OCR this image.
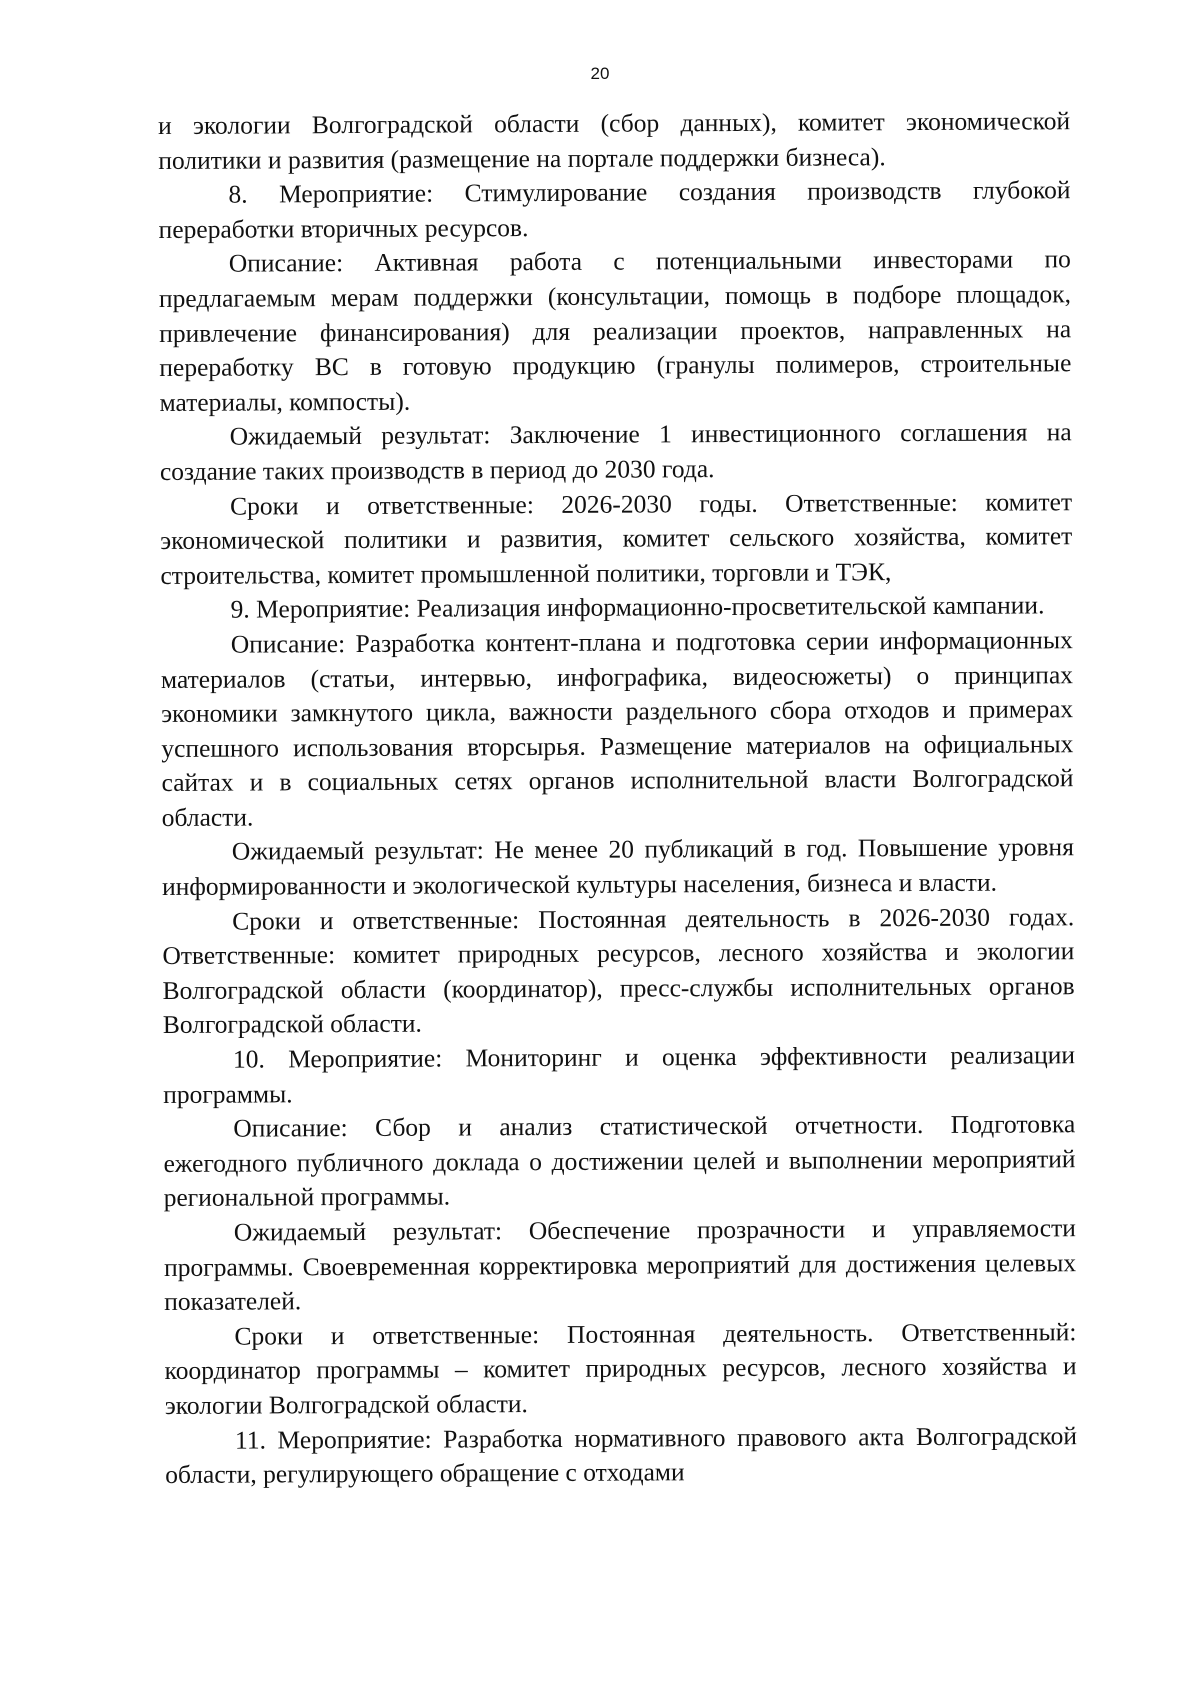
20

и экологии Волгоградской области (сбор данных), комитет экономической политики и развития (размещение на портале поддержки бизнеса).

8. Мероприятие: Стимулирование создания производств глубокой переработки вторичных ресурсов.

Описание: Активная работа с потенциальными инвесторами по предлагаемым мерам поддержки (консультации, помощь в подборе площадок, привлечение финансирования) для реализации проектов, направленных на переработку ВС в готовую продукцию (гранулы полимеров, строительные материалы, компосты).

Ожидаемый результат: Заключение 1 инвестиционного соглашения на создание таких производств в период до 2030 года.

Сроки и ответственные: 2026-2030 годы. Ответственные: комитет экономической политики и развития, комитет сельского хозяйства, комитет строительства, комитет промышленной политики, торговли и ТЭК,

9. Мероприятие: Реализация информационно-просветительской кампании.

Описание: Разработка контент-плана и подготовка серии информационных материалов (статьи, интервью, инфографика, видеосюжеты) о принципах экономики замкнутого цикла, важности раздельного сбора отходов и примерах успешного использования вторсырья. Размещение материалов на официальных сайтах и в социальных сетях органов исполнительной власти Волгоградской области.

Ожидаемый результат: Не менее 20 публикаций в год. Повышение уровня информированности и экологической культуры населения, бизнеса и власти.

Сроки и ответственные: Постоянная деятельность в 2026-2030 годах. Ответственные: комитет природных ресурсов, лесного хозяйства и экологии Волгоградской области (координатор), пресс-службы исполнительных органов Волгоградской области.

10. Мероприятие: Мониторинг и оценка эффективности реализации программы.

Описание: Сбор и анализ статистической отчетности. Подготовка ежегодного публичного доклада о достижении целей и выполнении мероприятий региональной программы.

Ожидаемый результат: Обеспечение прозрачности и управляемости программы. Своевременная корректировка мероприятий для достижения целевых показателей.

Сроки и ответственные: Постоянная деятельность. Ответственный: координатор программы – комитет природных ресурсов, лесного хозяйства и экологии Волгоградской области.

11. Мероприятие: Разработка нормативного правового акта Волгоградской области, регулирующего обращение с отходами
